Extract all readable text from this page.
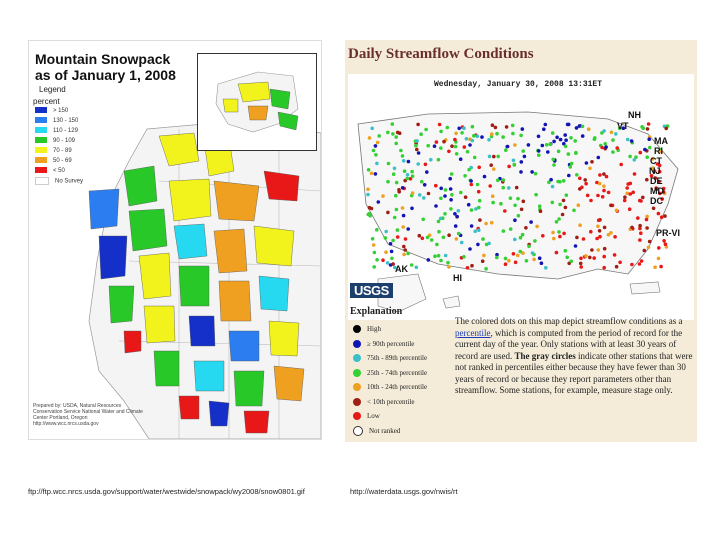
Mountain Snowpack
as of January 1, 2008
Legend
percent
> 150
130 - 150
110 - 129
90 - 109
70 - 89
50 - 69
< 50
No Survey
Prepared by: USDA, Natural Resources Conservation Service National Water and Climate Center Portland, Oregon http://www.wcc.nrcs.usda.gov
Daily Streamflow Conditions
Wednesday, January 30, 2008 13:31ET
NH
VT
MA
RI
CT
NJ
DE
MD
DC
PR-VI
AK
HI
USGS
Explanation
High
≥ 90th percentile
75th - 89th percentile
25th - 74th percentile
10th - 24th percentile
< 10th percentile
Low
Not ranked
The colored dots on this map depict streamflow conditions as a percentile, which is computed from the period of record for the current day of the year. Only stations with at least 30 years of record are used. The gray circles indicate other stations that were not ranked in percentiles either because they have fewer than 30 years of record or because they report parameters other than streamflow. Some stations, for example, measure stage only.
ftp://ftp.wcc.nrcs.usda.gov/support/water/westwide/snowpack/wy2008/snow0801.gif	http://waterdata.usgs.gov/nwis/rt
